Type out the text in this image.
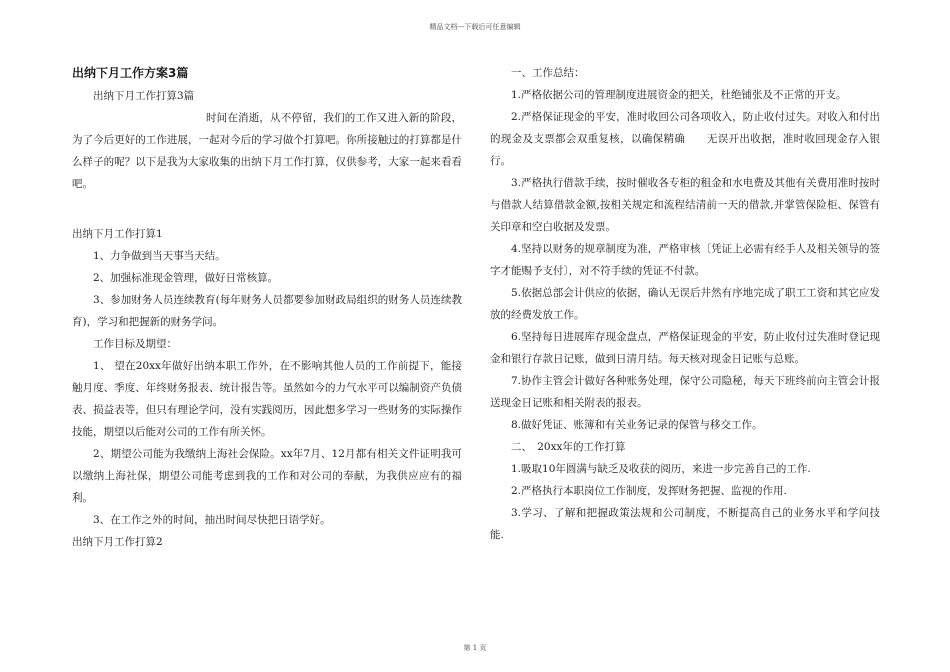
精品文档---下载后可任意编辑

出纳下月工作方案3篇

出纳下月工作打算3篇

时间在消逝，从不停留，我们的工作又进入新的阶段，为了今后更好的工作进展，一起对今后的学习做个打算吧。你所接触过的打算都是什么样子的呢？以下是我为大家收集的出纳下月工作打算，仅供参考，大家一起来看看吧。

出纳下月工作打算1

1、力争做到当天事当天结。

2、加强标准现金管理，做好日常核算。

3、参加财务人员连续教育(每年财务人员都要参加财政局组织的财务人员连续教育)，学习和把握新的财务学问。

工作目标及期望：

1、 望在20xx年做好出纳本职工作外，在不影响其他人员的工作前提下，能接触月度、季度、年终财务报表、统计报告等。虽然如今的力气水平可以编制资产负债表、损益表等，但只有理论学问，没有实践阅历，因此想多学习一些财务的实际操作技能，期望以后能对公司的工作有所关怀。

2、期望公司能为我缴纳上海社会保险。xx年7月、12月都有相关文件证明我可以缴纳上海社保，期望公司能考虑到我的工作和对公司的奉献，为我供应应有的福利。

3、在工作之外的时间，抽出时间尽快把日语学好。

出纳下月工作打算2

一、工作总结：

1.严格依据公司的管理制度进展资金的把关，杜绝铺张及不正常的开支。

2.严格保证现金的平安，准时收回公司各项收入，防止收付过失。对收入和付出的现金及支票都会双重复核，以确保精确　　无误开出收据，准时收回现金存入银行。

3.严格执行借款手续，按时催收各专柜的租金和水电费及其他有关费用准时按时与借款人结算借款金额,按相关规定和流程结清前一天的借款,并掌管保险柜、保管有关印章和空白收据及发票。

4.坚持以财务的规章制度为准，严格审核〔凭证上必需有经手人及相关领导的签字才能赐予支付〕，对不符手续的凭证不付款。

5.依据总部会计供应的依据，确认无误后井然有序地完成了职工工资和其它应发放的经费发放工作。

6.坚持每日进展库存现金盘点，严格保证现金的平安，防止收付过失准时登记现金和银行存款日记账，做到日清月结。每天核对现金日记账与总账。

7.协作主管会计做好各种账务处理，保守公司隐秘，每天下班终前向主管会计报送现金日记账和相关附表的报表。

8.做好凭证、账簿和有关业务记录的保管与移交工作。

二、　20xx年的工作打算

1.吸取10年圆满与缺乏及收获的阅历，来进一步完善自己的工作.

2.严格执行本职岗位工作制度，发挥财务把握、监视的作用.

3.学习、了解和把握政策法规和公司制度，不断提高自己的业务水平和学问技能.

第 1 页
